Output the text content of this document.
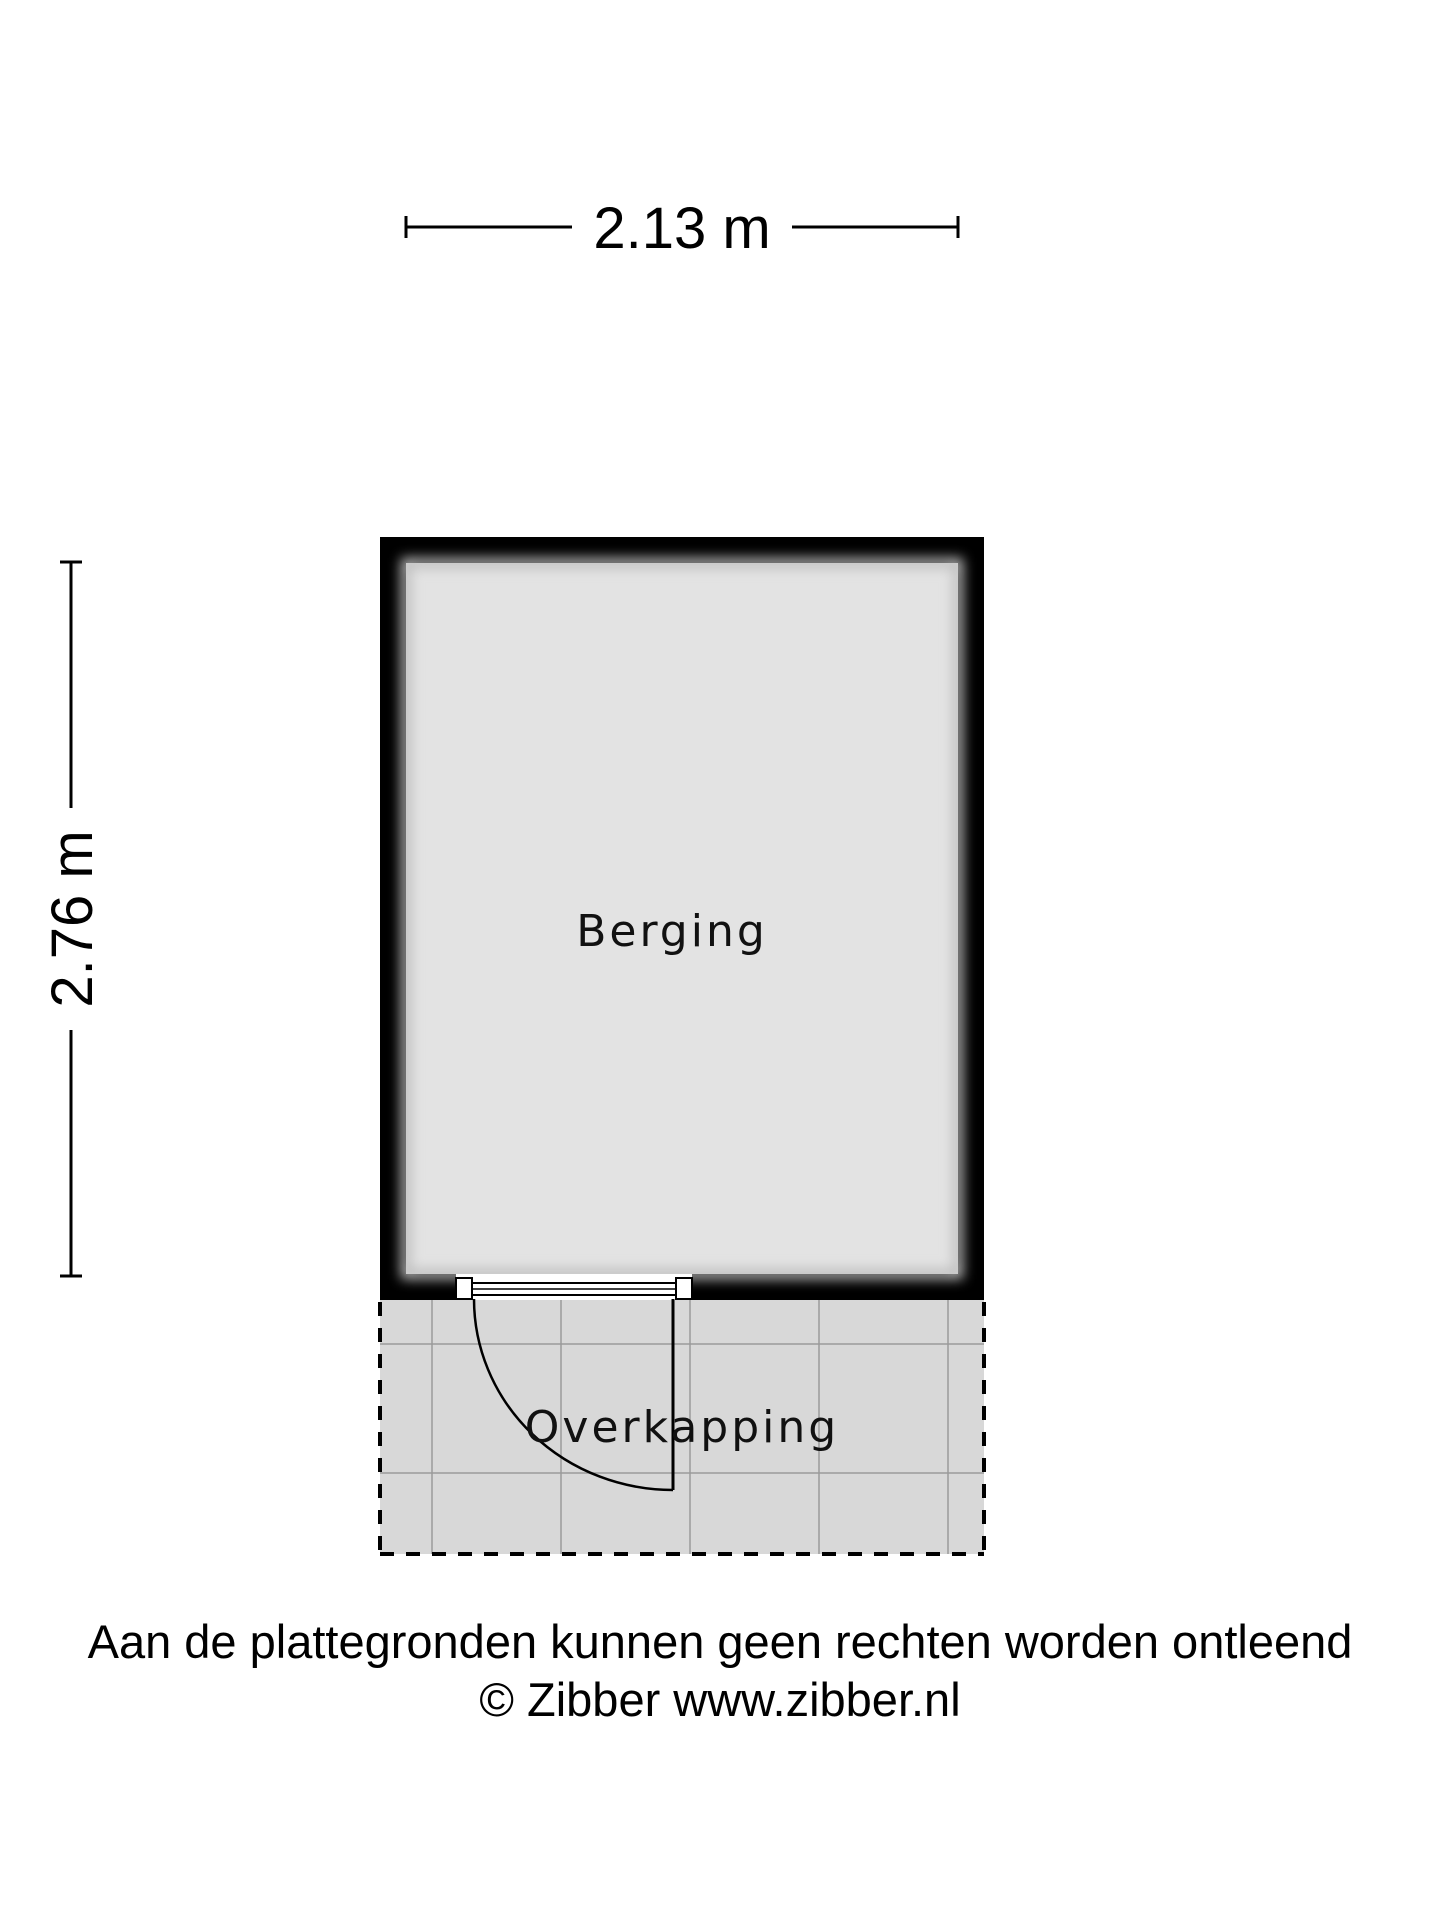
2.13 m
2.76 m	Berging
Overkapping
Aan de plattegronden kunnen geen rechten worden ontleend
© Zibber www.zibber.nl
